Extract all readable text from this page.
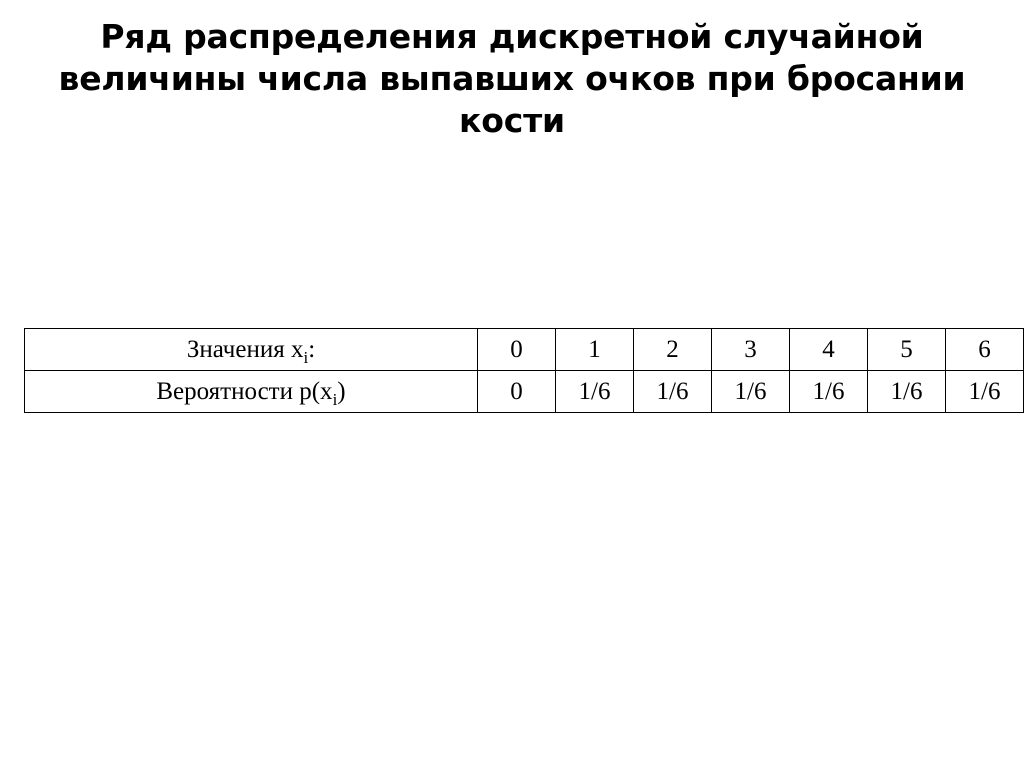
Ряд распределения дискретной случайной величины числа выпавших очков при бросании кости
Значения $x_i$:	0	1	2	3	4	5	6
Вероятности $p(x_i)$	0	1/6	1/6	1/6	1/6	1/6	1/6
